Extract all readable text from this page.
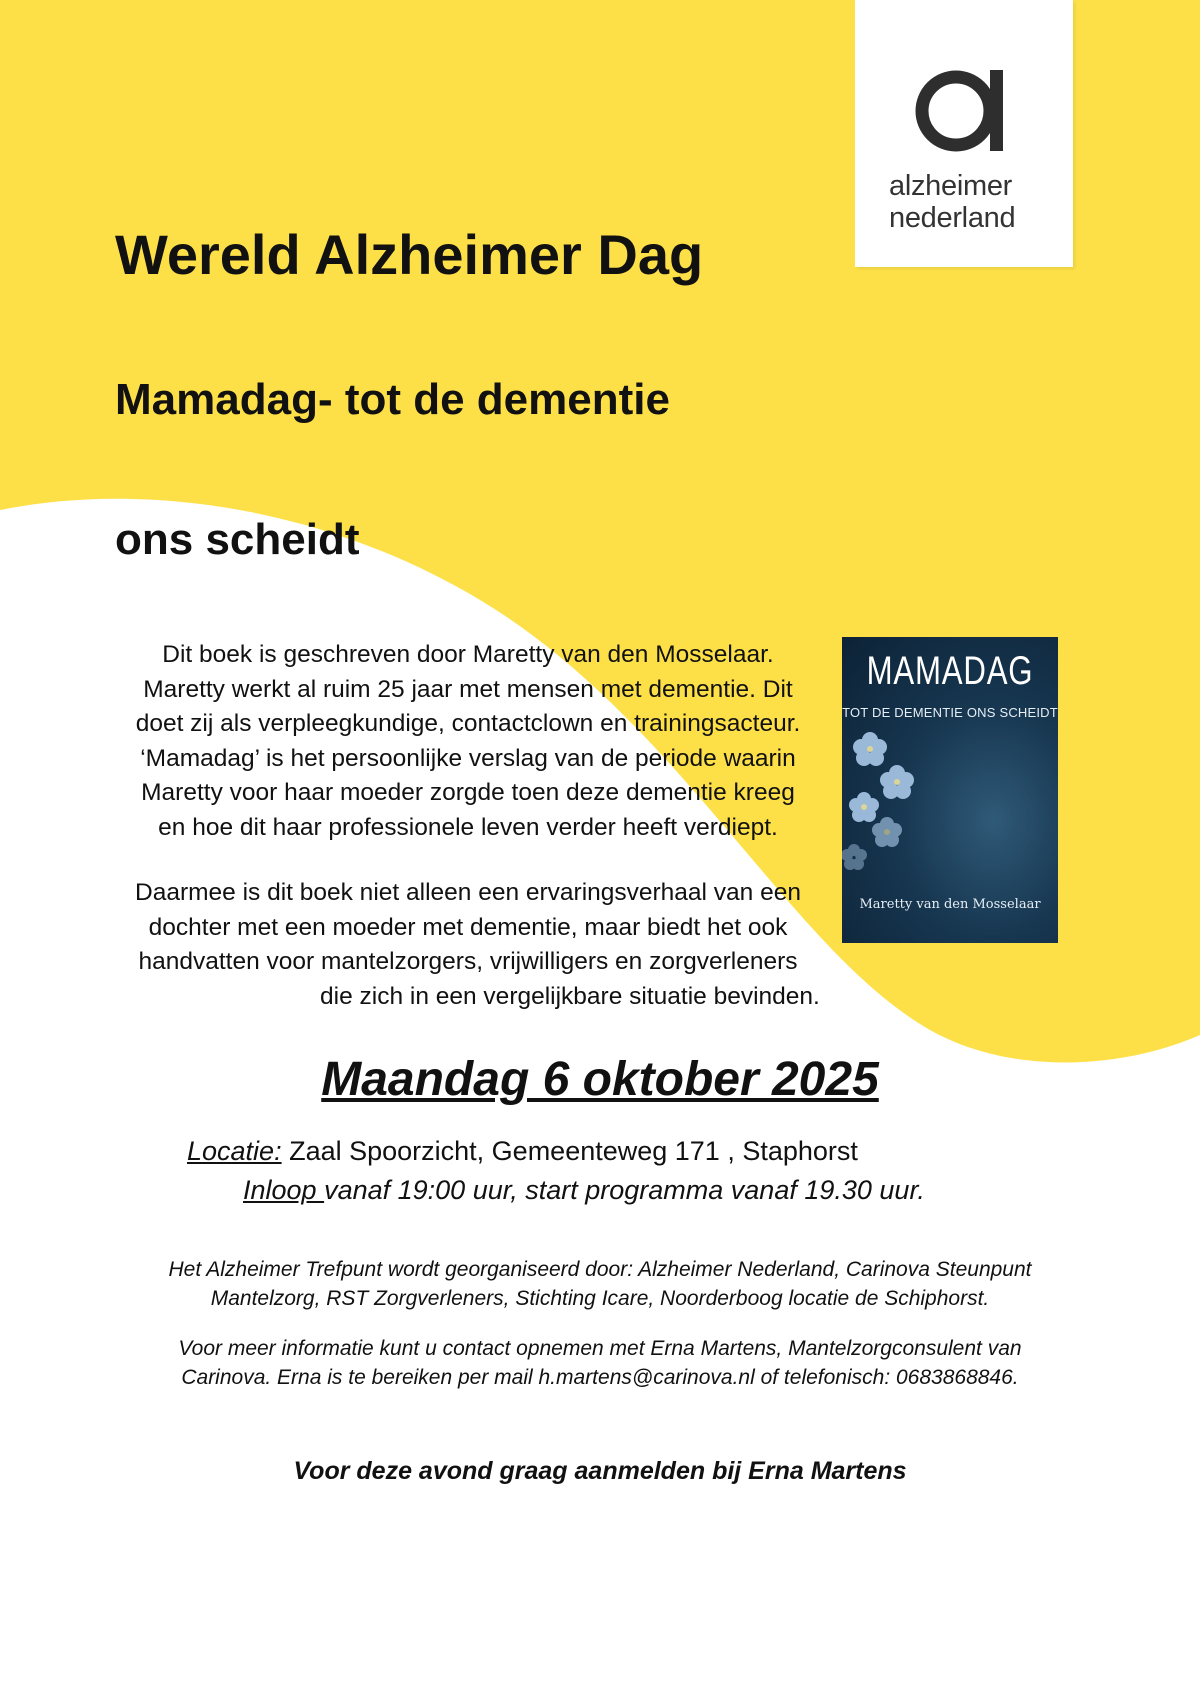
alzheimer
nederland
Wereld Alzheimer Dag
Mamadag- tot de dementie
ons scheidt

Dit boek is geschreven door Maretty van den Mosselaar.

Maretty werkt al ruim 25 jaar met mensen met dementie. Dit

doet zij als verpleegkundige, contactclown en trainingsacteur.

‘Mamadag’ is het persoonlijke verslag van de periode waarin

Maretty voor haar moeder zorgde toen deze dementie kreeg

en hoe dit haar professionele leven verder heeft verdiept.

Daarmee is dit boek niet alleen een ervaringsverhaal van een

dochter met een moeder met dementie, maar biedt het ook

handvatten voor mantelzorgers, vrijwilligers en zorgverleners

die zich in een vergelijkbare situatie bevinden.
MAMADAG
TOT DE DEMENTIE ONS SCHEIDT
Maretty van den Mosselaar
Maandag 6 oktober 2025
Locatie: Zaal Spoorzicht, Gemeenteweg 171 , Staphorst
Inloop vanaf 19:00 uur, start programma vanaf 19.30 uur.

Het Alzheimer Trefpunt wordt georganiseerd door: Alzheimer Nederland, Carinova Steunpunt

Mantelzorg, RST Zorgverleners, Stichting Icare, Noorderboog locatie de Schiphorst.

Voor meer informatie kunt u contact opnemen met Erna Martens, Mantelzorgconsulent van

Carinova. Erna is te bereiken per mail h.martens@carinova.nl of telefonisch: 0683868846.

Voor deze avond graag aanmelden bij Erna Martens
